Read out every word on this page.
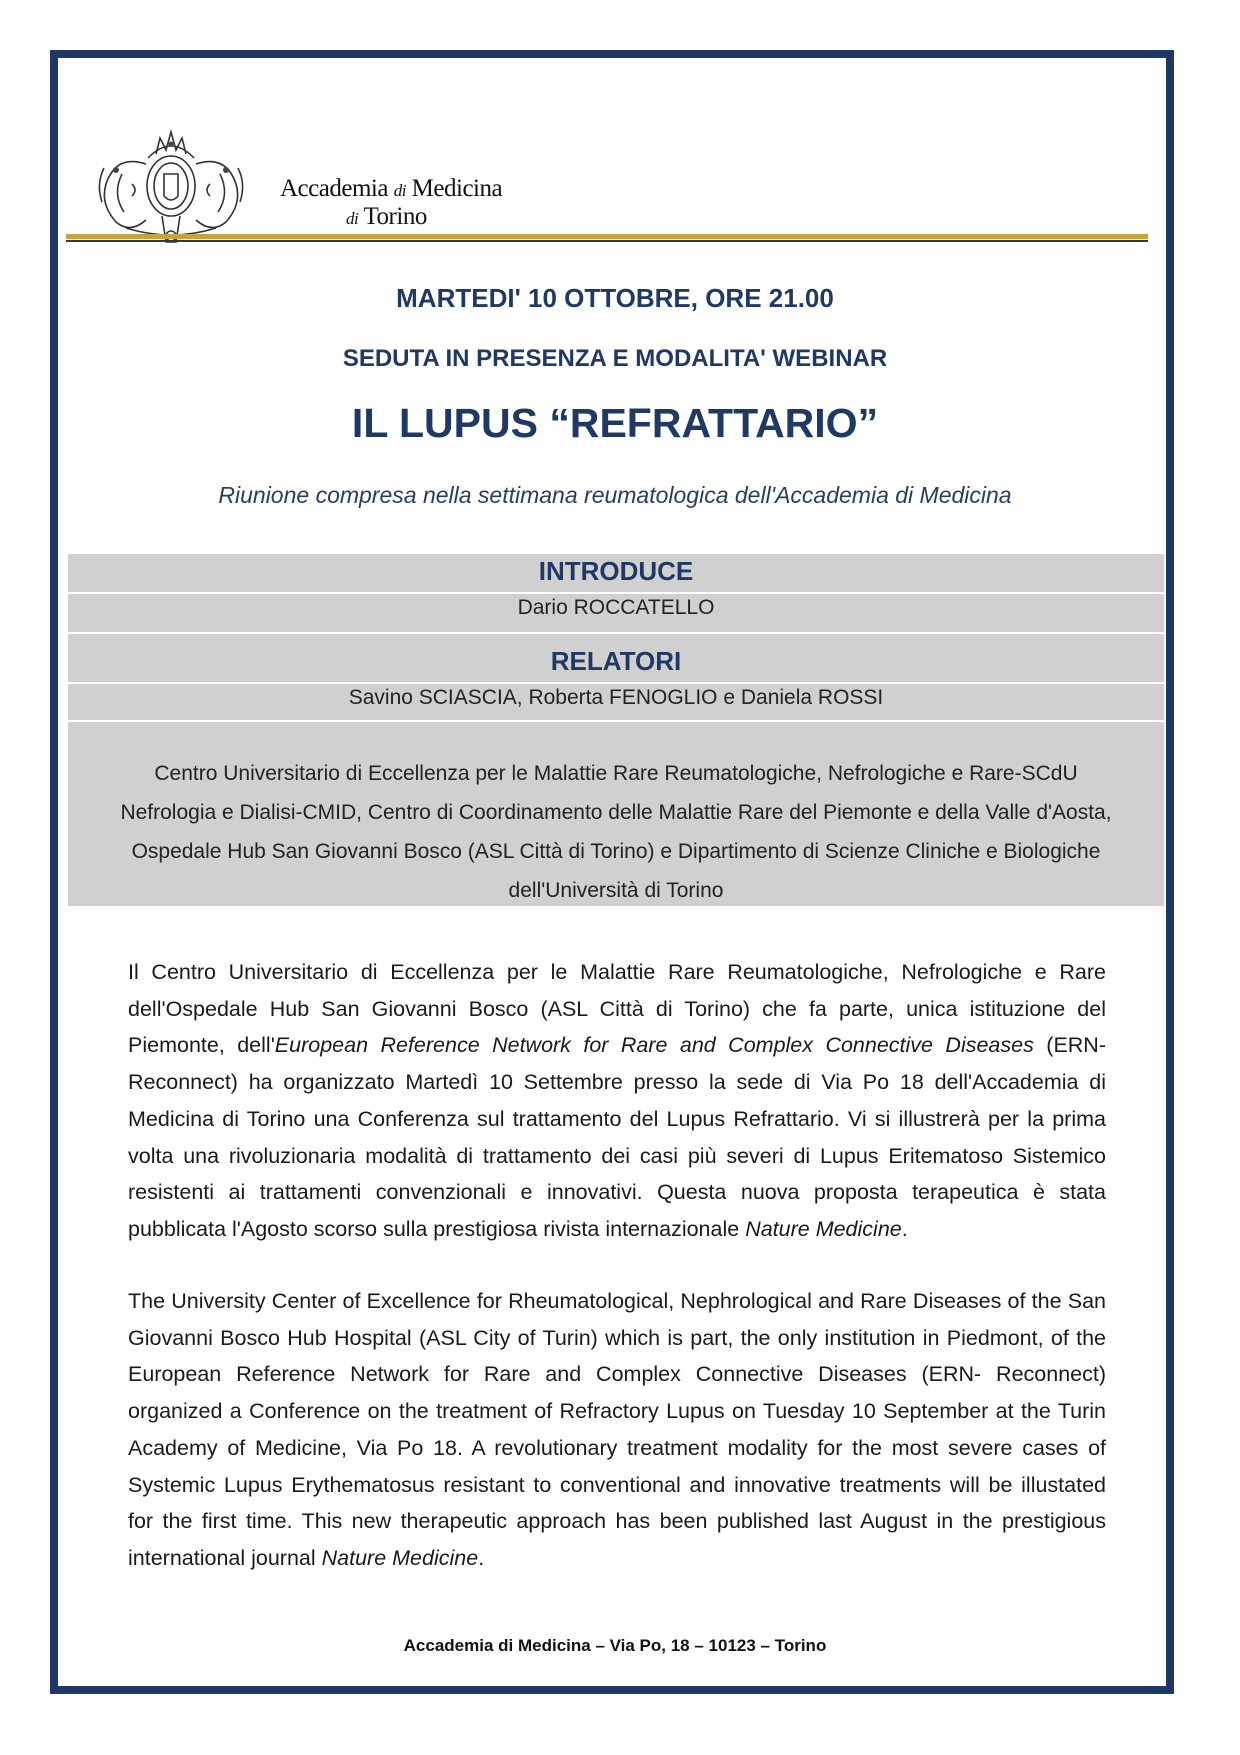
Accademia di Medicina
di Torino
MARTEDI' 10 OTTOBRE, ORE 21.00
SEDUTA IN PRESENZA E MODALITA' WEBINAR
IL LUPUS “REFRATTARIO”
Riunione compresa nella settimana reumatologica dell'Accademia di Medicina
INTRODUCE
Dario ROCCATELLO
RELATORI
Savino SCIASCIA, Roberta FENOGLIO e Daniela ROSSI
Centro Universitario di Eccellenza per le Malattie Rare Reumatologiche, Nefrologiche e Rare-SCdU
Nefrologia e Dialisi-CMID, Centro di Coordinamento delle Malattie Rare del Piemonte e della Valle d'Aosta,
Ospedale Hub San Giovanni Bosco (ASL Città di Torino) e Dipartimento di Scienze Cliniche e Biologiche
dell'Università di Torino
Il Centro Universitario di Eccellenza per le Malattie Rare Reumatologiche, Nefrologiche e Rare dell'Ospedale Hub San Giovanni Bosco (ASL Città di Torino) che fa parte, unica istituzione del Piemonte, dell'European Reference Network for Rare and Complex Connective Diseases (ERN-Reconnect) ha organizzato Martedì 10 Settembre presso la sede di Via Po 18 dell'Accademia di Medicina di Torino una Conferenza sul trattamento del Lupus Refrattario. Vi si illustrerà per la prima volta una rivoluzionaria modalità di trattamento dei casi più severi di Lupus Eritematoso Sistemico resistenti ai trattamenti convenzionali e innovativi. Questa nuova proposta terapeutica è stata pubblicata l'Agosto scorso sulla prestigiosa rivista internazionale Nature Medicine.
The University Center of Excellence for Rheumatological, Nephrological and Rare Diseases of the San Giovanni Bosco Hub Hospital (ASL City of Turin) which is part, the only institution in Piedmont, of the European Reference Network for Rare and Complex Connective Diseases (ERN- Reconnect) organized a Conference on the treatment of Refractory Lupus on Tuesday 10 September at the Turin Academy of Medicine, Via Po 18. A revolutionary treatment modality for the most severe cases of Systemic Lupus Erythematosus resistant to conventional and innovative treatments will be illustated for the first time. This new therapeutic approach has been published last August in the prestigious international journal Nature Medicine.
Accademia di Medicina – Via Po, 18 – 10123 – Torino
